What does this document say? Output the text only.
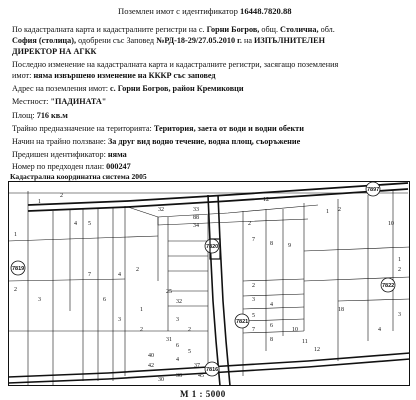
Поземлен имот с идентификатор 16448.7820.88
По кадастралната карта и кадастралните регистри на с. Горни Богров, общ. Столична, обл.
София (столица), одобрени със Заповед №РД-18-29/27.05.2010 г. на ИЗПЪЛНИТЕЛЕН
ДИРЕКТОР НА АГКК
Последно изменение на кадастралната карта и кадастралните регистри, засягащо поземления
имот: няма извършено изменение на КККР със заповед
Адрес на поземления имот: с. Горни Богров, район Кремиковци
Местност: "ПАДИНАТА"
Площ: 716 кв.м
Трайно предназначение на територията: Територия, заета от води и водни обекти
Начин на трайно ползване: За друг вид водно течение, водна площ, съоръжение
Предишен идентификатор: няма
Номер по предходен план: 000247
Кадастрална координатна система 2005
7819
7820
7822
7821
7816
7897
1
2
1
2
3
4 5
7
6
2
4
3
1
2
88
32	33
34
12
2
1
2
7
8	9
10
10
11
12
2
3
4
5
6
7
8
1
2
3
4
18
3
2
6
5
4
40
42
25
32
37
45
36
31
30
М 1 : 5000
